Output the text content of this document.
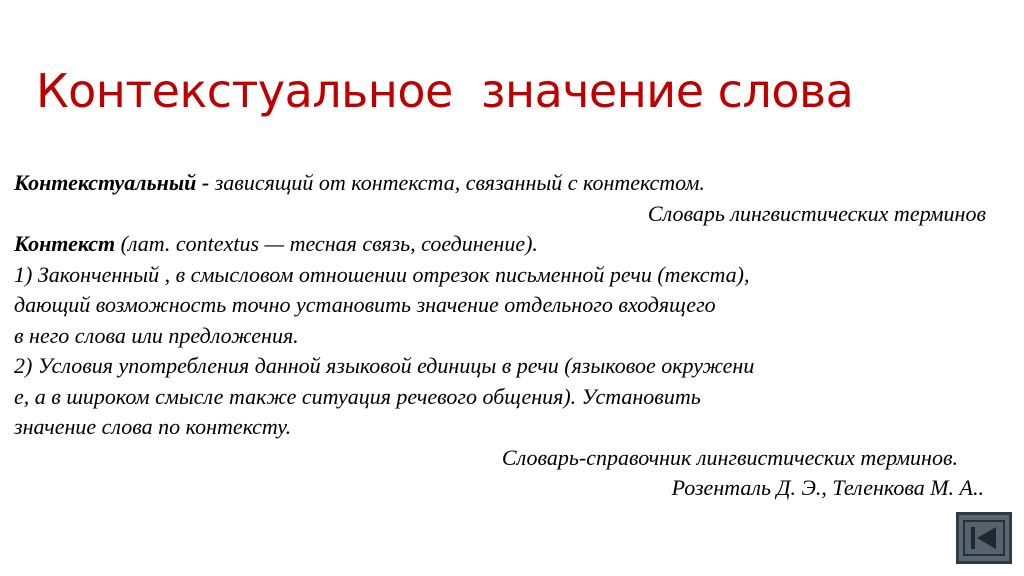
Контекстуальное  значение слова
Контекстуальный - зависящий от контекста, связанный с контекстом.
Словарь лингвистических терминов
Контекст (лат. contextus — тесная связь, соединение).
1) Законченный , в смысловом отношении отрезок письменной речи (текста),
дающий возможность точно установить значение отдельного входящего
в него слова или предложения.
2) Условия употребления данной языковой единицы в речи (языковое окружени
е, а в широком смысле также ситуация речевого общения). Установить
значение слова по контексту.
Словарь-справочник лингвистических терминов.
Розенталь Д. Э., Теленкова М. А..
